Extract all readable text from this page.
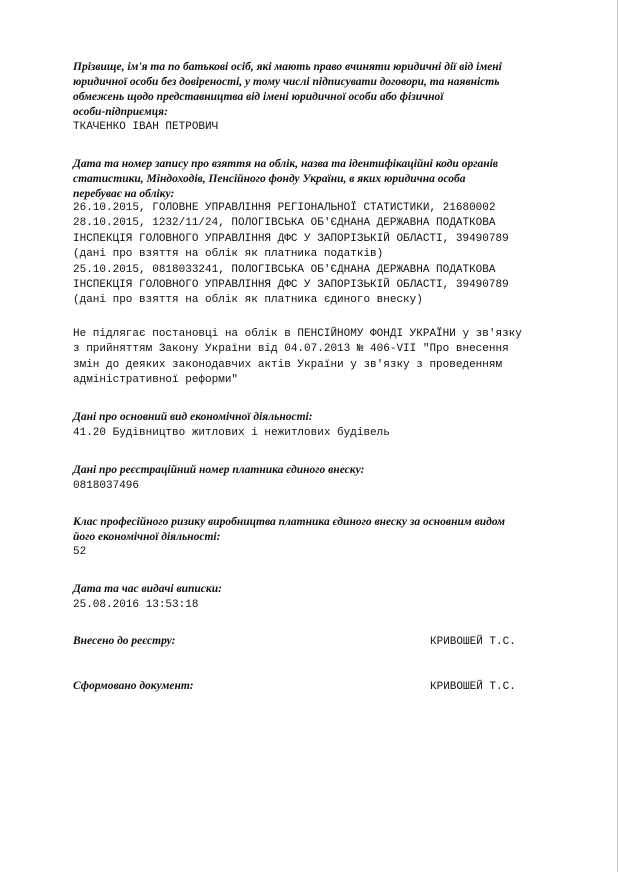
Прізвище, ім'я та по батькові осіб, які мають право вчиняти юридичні дії від імені
юридичної особи без довіреності, у тому числі підписувати договори, та наявність
обмежень щодо представництва від імені юридичної особи або фізичної
особи-підприємця:
ТКАЧЕНКО ІВАН ПЕТРОВИЧ
Дата та номер запису про взяття на облік, назва та ідентифікаційні коди органів
статистики, Міндоходів, Пенсійного фонду України, в яких юридична особа
перебуває на обліку:
26.10.2015, ГОЛОВНЕ УПРАВЛІННЯ РЕГІОНАЛЬНОЇ СТАТИСТИКИ, 21680002
28.10.2015, 1232/11/24, ПОЛОГІВСЬКА ОБ'ЄДНАНА ДЕРЖАВНА ПОДАТКОВА
ІНСПЕКЦІЯ ГОЛОВНОГО УПРАВЛІННЯ ДФС У ЗАПОРІЗЬКІЙ ОБЛАСТІ, 39490789
(дані про взяття на облік як платника податків)
25.10.2015, 0818033241, ПОЛОГІВСЬКА ОБ'ЄДНАНА ДЕРЖАВНА ПОДАТКОВА
ІНСПЕКЦІЯ ГОЛОВНОГО УПРАВЛІННЯ ДФС У ЗАПОРІЗЬКІЙ ОБЛАСТІ, 39490789
(дані про взяття на облік як платника єдиного внеску)
Не підлягає постановці на облік в ПЕНСІЙНОМУ ФОНДІ УКРАЇНИ у зв'язку
з прийняттям Закону України від 04.07.2013 № 406-VII "Про внесення
змін до деяких законодавчих актів України у зв'язку з проведенням
адміністративної реформи"
Дані про основний вид економічної діяльності:
41.20 Будівництво житлових і нежитлових будівель
Дані про реєстраційний номер платника єдиного внеску:
0818037496
Клас професійного ризику виробництва платника єдиного внеску за основним видом
його економічної діяльності:
52
Дата та час видачі виписки:
25.08.2016 13:53:18
Внесено до реєстру:	КРИВОШЕЙ Т.С.
Сформовано документ:	КРИВОШЕЙ Т.С.
